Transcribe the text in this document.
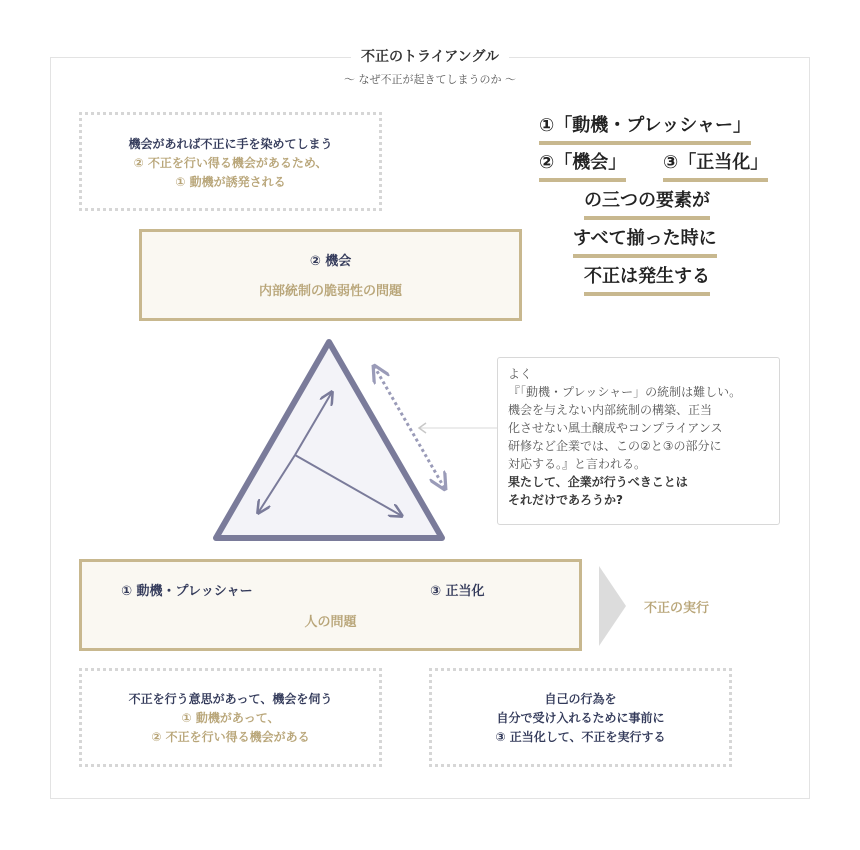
不正のトライアングル
〜 なぜ不正が起きてしまうのか 〜
機会があれば不正に手を染めてしまう
② 不正を行い得る機会があるため、
① 動機が誘発される
② 機会
内部統制の脆弱性の問題
①「動機・プレッシャー」
②「機会」 ③「正当化」
の三つの要素が
すべて揃った時に
不正は発生する
よく
『「動機・プレッシャー」の統制は難しい。
機会を与えない内部統制の構築、正当
化させない風土醸成やコンプライアンス
研修など企業では、この②と③の部分に
対応する。』と言われる。
果たして、企業が行うべきことは
それだけであろうか?
① 動機・プレッシャー	③ 正当化
人の問題
不正の実行
不正を行う意思があって、機会を伺う
① 動機があって、
② 不正を行い得る機会がある
自己の行為を
自分で受け入れるために事前に
③ 正当化して、不正を実行する
